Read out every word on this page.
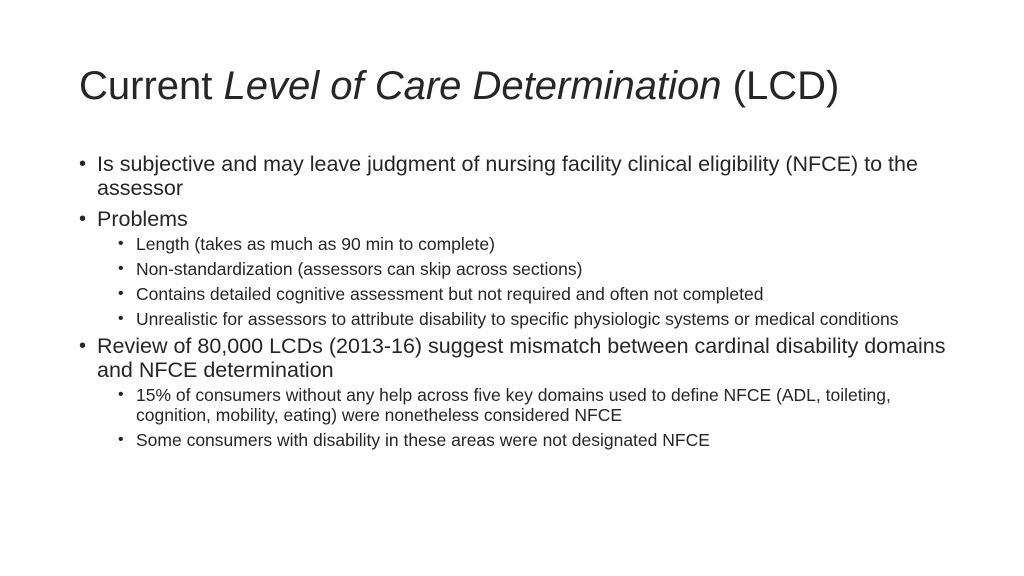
Current Level of Care Determination (LCD)
• Is subjective and may leave judgment of nursing facility clinical eligibility (NFCE) to the assessor
• Problems
• Length (takes as much as 90 min to complete)
• Non-standardization (assessors can skip across sections)
• Contains detailed cognitive assessment but not required and often not completed
• Unrealistic for assessors to attribute disability to specific physiologic systems or medical conditions
• Review of 80,000 LCDs (2013-16) suggest mismatch between cardinal disability domains and NFCE determination
• 15% of consumers without any help across five key domains used to define NFCE (ADL, toileting, cognition, mobility, eating) were nonetheless considered NFCE
• Some consumers with disability in these areas were not designated NFCE
